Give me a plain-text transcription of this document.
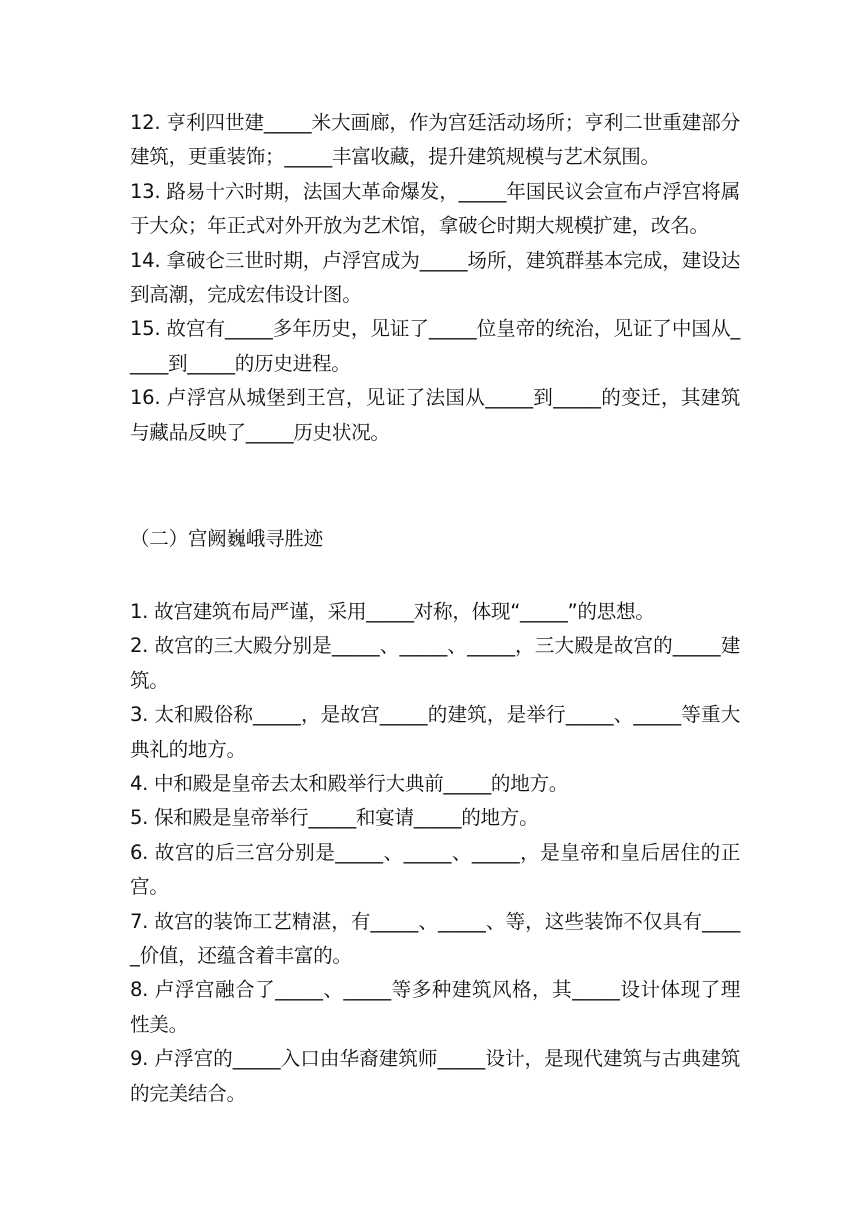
12. 亨利四世建_____米大画廊，作为宫廷活动场所；亨利二世重建部分建筑，更重装饰；_____丰富收藏，提升建筑规模与艺术氛围。

13. 路易十六时期，法国大革命爆发，_____年国民议会宣布卢浮宫将属于大众；年正式对外开放为艺术馆，拿破仑时期大规模扩建，改名。

14. 拿破仑三世时期，卢浮宫成为_____场所，建筑群基本完成，建设达到高潮，完成宏伟设计图。

15. 故宫有_____多年历史，见证了_____位皇帝的统治，见证了中国从_____到_____的历史进程。

16. 卢浮宫从城堡到王宫，见证了法国从_____到_____的变迁，其建筑与藏品反映了_____历史状况。

（二）宫阙巍峨寻胜迹

1. 故宫建筑布局严谨，采用_____对称，体现“_____”的思想。

2. 故宫的三大殿分别是_____、_____、_____，三大殿是故宫的_____建筑。

3. 太和殿俗称_____，是故宫_____的建筑，是举行_____、_____等重大典礼的地方。

4. 中和殿是皇帝去太和殿举行大典前_____的地方。

5. 保和殿是皇帝举行_____和宴请_____的地方。

6. 故宫的后三宫分别是_____、_____、_____，是皇帝和皇后居住的正宫。

7. 故宫的装饰工艺精湛，有_____、_____、等，这些装饰不仅具有_____价值，还蕴含着丰富的。

8. 卢浮宫融合了_____、_____等多种建筑风格，其_____设计体现了理性美。

9. 卢浮宫的_____入口由华裔建筑师_____设计，是现代建筑与古典建筑的完美结合。
